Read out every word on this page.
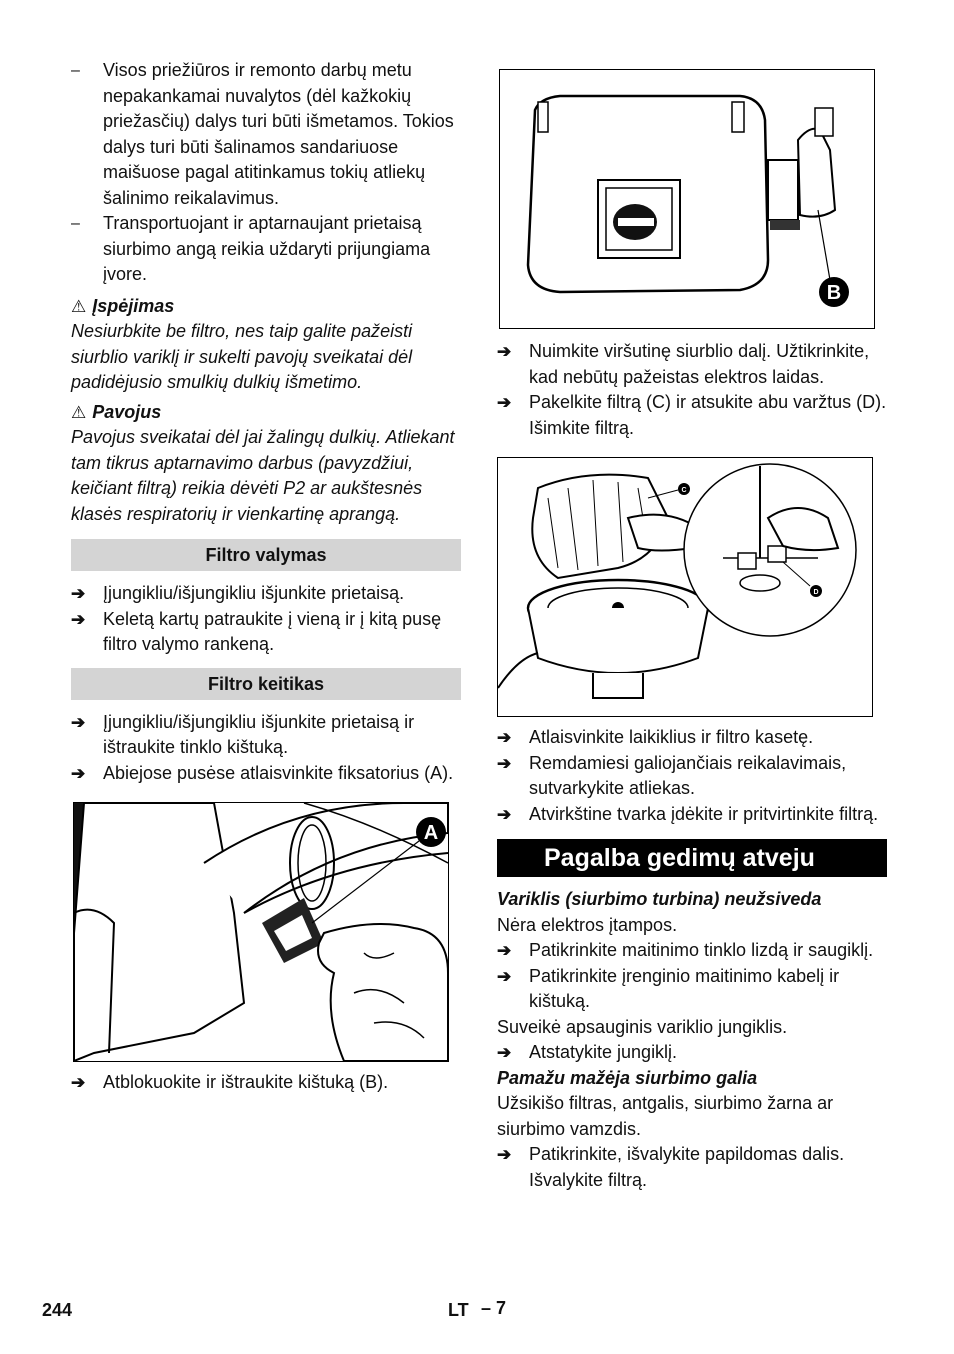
– Visos priežiūros ir remonto darbų metu nepakankamai nuvalytos (dėl kažkokių priežasčių) dalys turi būti išmetamos. Tokios dalys turi būti šalinamos sandariuose maišuose pagal atitinkamus tokių atliekų šalinimo reikalavimus.

– Transportuojant ir aptarnaujant prietaisą siurbimo angą reikia uždaryti prijungiama įvore.

⚠ Įspėjimas

Nesiurbkite be filtro, nes taip galite pažeisti siurblio variklį ir sukelti pavojų sveikatai dėl padidėjusio smulkių dulkių išmetimo.

⚠ Pavojus

Pavojus sveikatai dėl jai žalingų dulkių. Atliekant tam tikrus aptarnavimo darbus (pavyzdžiui, keičiant filtrą) reikia dėvėti P2 ar aukštesnės klasės respiratorių ir vienkartinę aprangą.

Filtro valymas
➔ Įjungikliu/išjungikliu išjunkite prietaisą.

➔ Keletą kartų patraukite į vieną ir į kitą pusę filtro valymo rankeną.

Filtro keitikas
➔ Įjungikliu/išjungikliu išjunkite prietaisą ir ištraukite tinklo kištuką.

➔ Abiejose pusėse atlaisvinkite fiksatorius (A).

A
➔ Atblokuokite ir ištraukite kištuką (B).

B
➔ Nuimkite viršutinę siurblio dalį. Užtikrinkite, kad nebūtų pažeistas elektros laidas.

➔ Pakelkite filtrą (C) ir atsukite abu varžtus (D). Išimkite filtrą.

C
D
➔ Atlaisvinkite laikiklius ir filtro kasetę.

➔ Remdamiesi galiojančiais reikalavimais, sutvarkykite atliekas.

➔ Atvirkštine tvarka įdėkite ir pritvirtinkite filtrą.

Pagalba gedimų atveju

Variklis (siurbimo turbina) neužsiveda

Nėra elektros įtampos.

➔ Patikrinkite maitinimo tinklo lizdą ir saugiklį.

➔ Patikrinkite įrenginio maitinimo kabelį ir kištuką.

Suveikė apsauginis variklio jungiklis.

➔ Atstatykite jungiklį.

Pamažu mažėja siurbimo galia

Užsikišo filtras, antgalis, siurbimo žarna ar siurbimo vamzdis.

➔ Patikrinkite, išvalykite papildomas dalis. Išvalykite filtrą.

244	LT – 7
